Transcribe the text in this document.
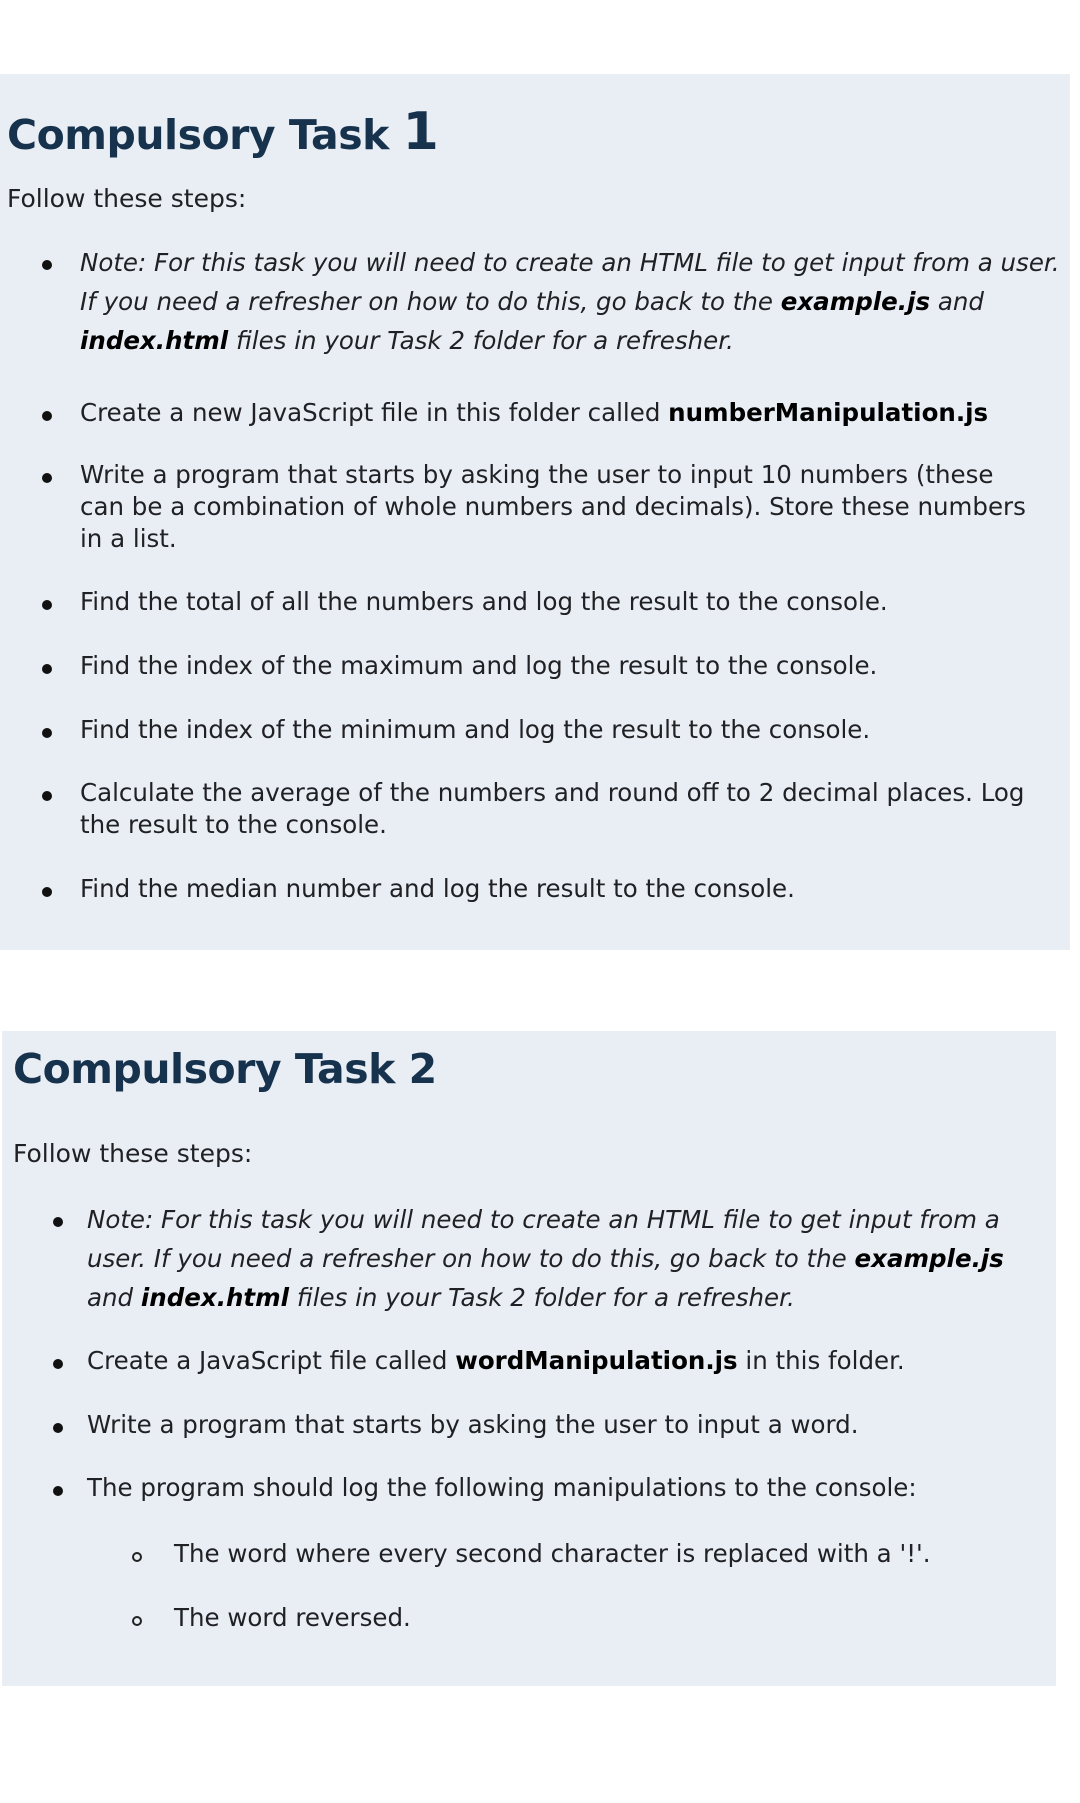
Compulsory Task 1
Follow these steps:
Note: For this task you will need to create an HTML file to get input from a user. If you need a refresher on how to do this, go back to the example.js and index.html files in your Task 2 folder for a refresher.
Create a new JavaScript file in this folder called numberManipulation.js
Write a program that starts by asking the user to input 10 numbers (these can be a combination of whole numbers and decimals). Store these numbers in a list.
Find the total of all the numbers and log the result to the console.
Find the index of the maximum and log the result to the console.
Find the index of the minimum and log the result to the console.
Calculate the average of the numbers and round off to 2 decimal places. Log the result to the console.
Find the median number and log the result to the console.
Compulsory Task 2
Follow these steps:
Note: For this task you will need to create an HTML file to get input from a user. If you need a refresher on how to do this, go back to the example.js and index.html files in your Task 2 folder for a refresher.
Create a JavaScript file called wordManipulation.js in this folder.
Write a program that starts by asking the user to input a word.
The program should log the following manipulations to the console:
The word where every second character is replaced with a '!'.
The word reversed.
